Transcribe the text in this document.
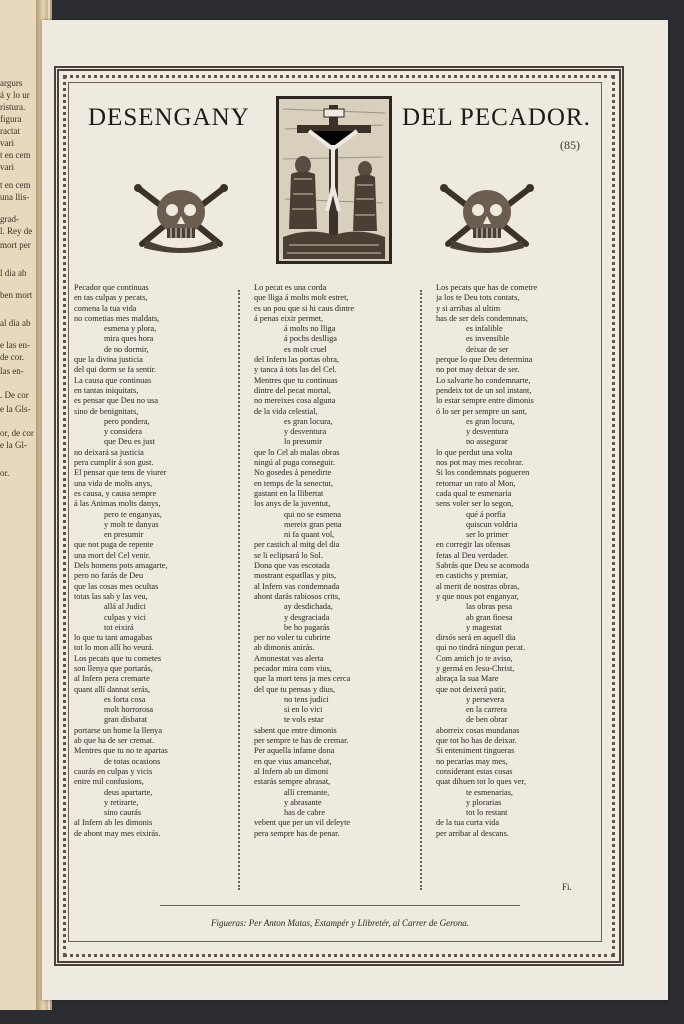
argurs
á y lo ur
ristura.
figura
ractat
vari
t en cem
vari
t en cem
una llis-
grad-
l. Rey de
mort per
l dia ab
ben mort
al dia ab
e las en-
de cor.
las en-
. De cor
e la Gls-
or, de cor
e la Gl-
or.
DESENGANY	DEL PECADOR.
(85)
Pecador que continuas
en tas culpas y pecats,
comena la tua vida
no cometias mes maldats,
esmena y plora,
mira ques hora
de no dormir,
que la divina justicia
del qui dorm se fa sentir.
La causa que continuas
en tantas iniquitats,
es pensar que Deu no usa
sino de benignitats,
pero pondera,
y considera
que Deu es just
no deixará sa justicia
pera cumplir á son gust.
El pensar que tens de viurer
una vida de molts anys,
es causa, y causa sempre
á las Animas molts danys,
pero te enganyas,
y molt te danyas
en presumir
que not puga de repente
una mort del Cel venir.
Dels homens pots amagarte,
pero no farás de Deu
que las cosas mes ocultas
totas las sab y las veu,
allá al Judici
culpas y vici
tot eixirá
lo que tu tant amagabas
tot lo mon allí ho veurá.
Los pecats que tu cometes
son llenya que portarás,
al Infern pera cremarte
quant allí dannat serás,
es forta cosa
molt horrorosa
gran disbarat
portarse un home la llenya
ab que ha de ser cremat.
Mentres que tu no te apartas
de totas ocasions
caurás en culpas y vicis
entre mil confusions,
deus apartarte,
y retirarte,
sino caurás
al Infern ab les dimonis
de ahont may mes eixirás.
Lo pecat es una corda
que lliga á molts molt estret,
es un pou que si hi caus dintre
á penas eixir permet,
á molts no lliga
á pochs deslliga
es molt cruel
del Infern las portas obra,
y tanca á tots las del Cel.
Mentres que tu continuas
dintre del pecat mortal,
no mereixes cosa alguna
de la vida celestial,
es gran locura,
y desventura
lo presumir
que lo Cel ab malas obras
ningú al puga conseguir.
No gosedes á penedirte
en temps de la senectut,
gastant en la llibertat
los anys de la juventut,
qui no se esmena
mereix gran pena
ni fa quant vol,
per castich al mitg del dia
se li eclipsará lo Sol.
Dona que vas escotada
mostrant espatllas y pits,
al Infern vas condemnada
ahont darás rabiosos crits,
ay desdichada,
y desgraciada
be ho pagarás
per no voler tu cubrirte
ab dimonis anirás.
Amonestat vas alerta
pecador mira com vius,
que la mort tens ja mes cerca
del que tu pensas y dius,
no tens judici
si en lo vici
te vols estar
sabent que entre dimonis
per sempre te has de cremar.
Per aquella infame dona
en que vius amancebat,
al Infern ab un dimoni
estarás sempre abrasat,
allí cremante,
y abrasante
has de cabre
vebent que per un vil deleyte
pera sempre has de penar.
Los pecats que has de cometre
ja los te Deu tots contats,
y si arribas al ultim
has de ser dels condemnats,
es infalible
es invensible
deixar de ser
perque lo que Deu determina
no pot may deixar de ser.
Lo salvarte ho condemnarte,
pendeix tot de un sol instant,
lo estar sempre entre dimonis
ó lo ser per sempre un sant,
es gran locura,
y desventura
no assegurar
lo que perdut una volta
nos pot may mes recobrar.
Si los condemnats pogueren
retornar un rato al Mon,
cada qual te esmenaria
sens voler ser lo segon,
qué á porfia
quiscun voldria
ser lo primer
en corregir las ofensas
fetas al Deu verdader.
Sabrás que Deu se acomoda
en castichs y premiar,
al merit de nostras obras,
y que nous pot enganyar,
las obras pesa
ab gran finesa
y magestat
dirsós será en aquell dia
qui no tindrá ningun pecat.
Com amich jo te aviso,
y germá en Jesu-Christ,
abraça la sua Mare
que not deixerá patir,
y persevera
en la carrera
de ben obrar
aborreix cosas mundanas
que tot ho has de deixar.
Si enteniment tingueras
no pecarias may mes,
considerant estas cosas
quat dihuen tot lo ques ver,
te esmenarias,
y plorarias
tot lo restant
de la tua curta vida
per arribar al descans.
Fi.
Figueras: Per Anton Matas, Estampér y Llibretér, al Carrer de Gerona.
